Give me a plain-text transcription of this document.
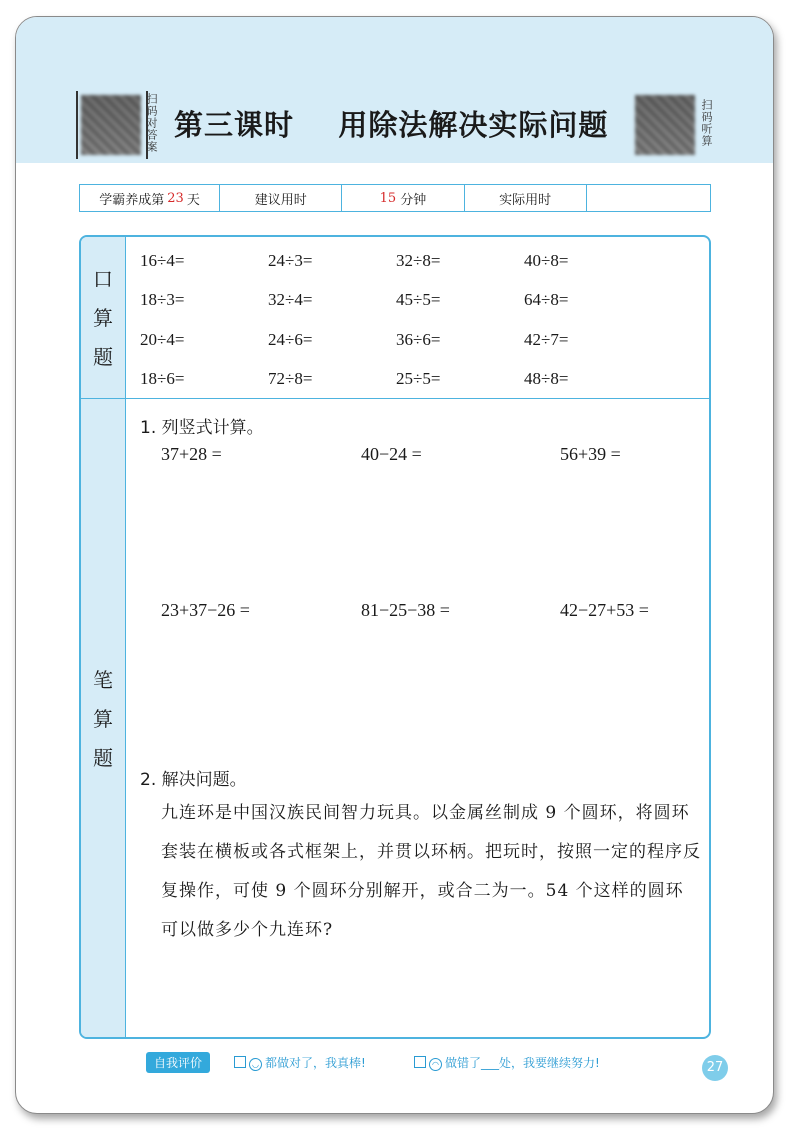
扫码对答案 第三课时    用除法解决实际问题	扫码听算
学霸养成第 23 天	建议用时	15 分钟	实际用时
口
算
题
笔
算
题
16÷4=	24÷3=	32÷8=	40÷8=
18÷3=	32÷4=	45÷5=	64÷8=
20÷4=	24÷6=	36÷6=	42÷7=
18÷6=	72÷8=	25÷5=	48÷8=
1. 列竖式计算。
37+28 =	40−24 =	56+39 =
23+37−26 =	81−25−38 =	42−27+53 =
2. 解决问题。
九连环是中国汉族民间智力玩具。以金属丝制成 9 个圆环，将圆环套装在横板或各式框架上，并贯以环柄。把玩时，按照一定的程序反复操作，可使 9 个圆环分别解开，或合二为一。54 个这样的圆环可以做多少个九连环?
自我评价	◡ 都做对了，我真棒!	◠ 做错了___处，我要继续努力!	27
